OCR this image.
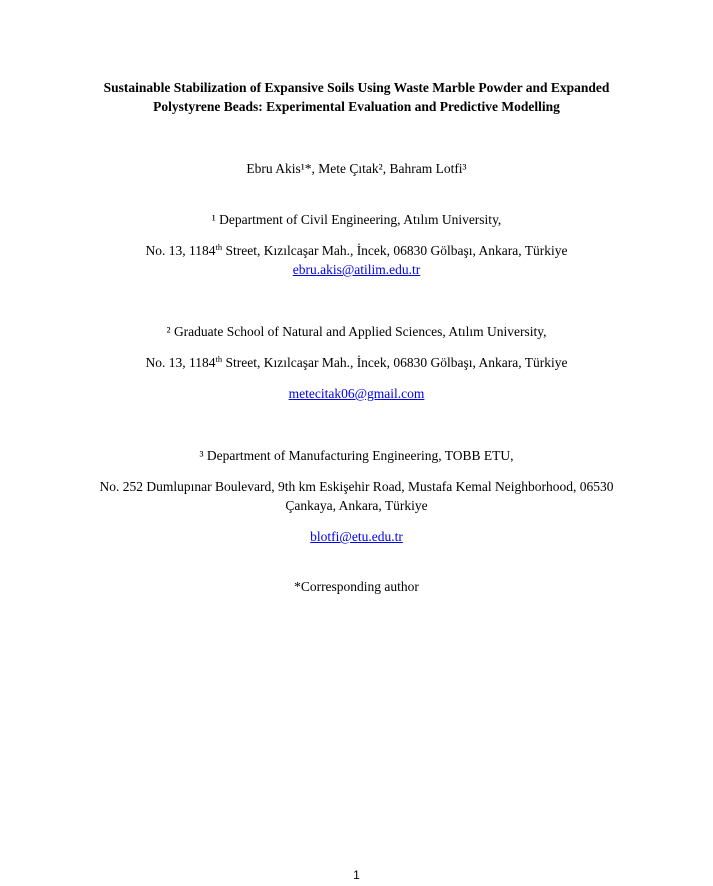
Sustainable Stabilization of Expansive Soils Using Waste Marble Powder and Expanded
Polystyrene Beads: Experimental Evaluation and Predictive Modelling
Ebru Akis¹*, Mete Çıtak², Bahram Lotfi³
¹ Department of Civil Engineering, Atılım University,
No. 13, 1184th Street, Kızılcaşar Mah., İncek, 06830 Gölbaşı, Ankara, Türkiye
ebru.akis@atilim.edu.tr
² Graduate School of Natural and Applied Sciences, Atılım University,
No. 13, 1184th Street, Kızılcaşar Mah., İncek, 06830 Gölbaşı, Ankara, Türkiye
metecitak06@gmail.com
³ Department of Manufacturing Engineering, TOBB ETU,
No. 252 Dumlupınar Boulevard, 9th km Eskişehir Road, Mustafa Kemal Neighborhood, 06530
Çankaya, Ankara, Türkiye
blotfi@etu.edu.tr
*Corresponding author
1
